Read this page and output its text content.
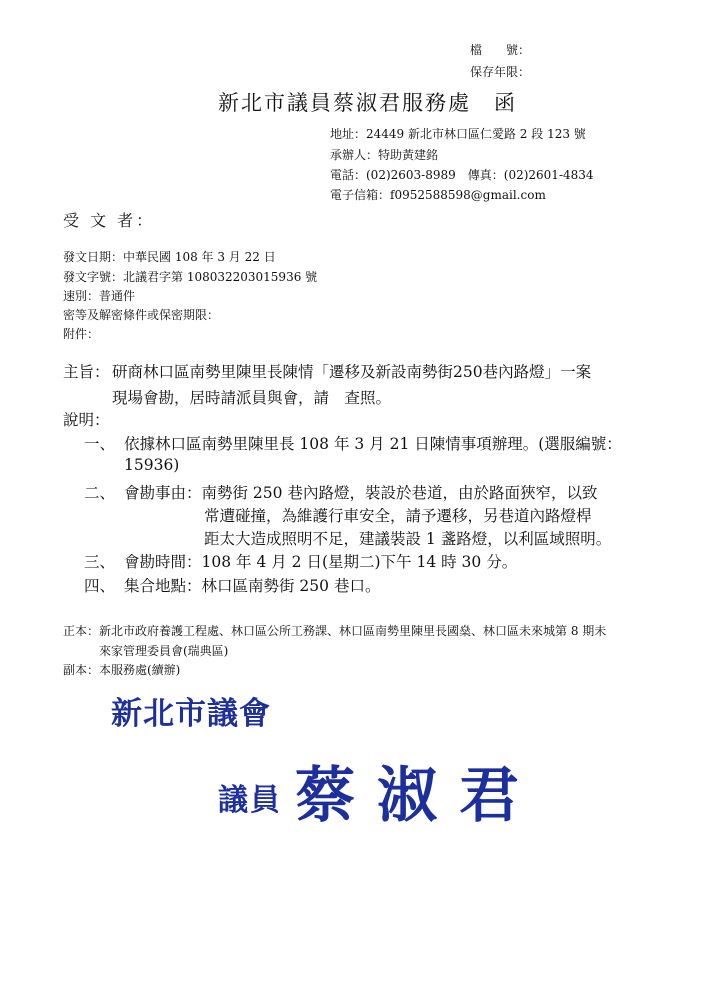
檔　　號：
保存年限：
新北市議員蔡淑君服務處　函
地址：24449 新北市林口區仁愛路 2 段 123 號
承辦人：特助黃建銘
電話：(02)2603-8989　傳真：(02)2601-4834
電子信箱：f0952588598@gmail.com
受 文 者：
發文日期：中華民國 108 年 3 月 22 日
發文字號：北議君字第 108032203015936 號
速別：普通件
密等及解密條件或保密期限：
附件：
主旨： 研商林口區南勢里陳里長陳情「遷移及新設南勢街250巷內路燈」一案
現場會勘，居時請派員與會，請　查照。
說明：
一、 依據林口區南勢里陳里長 108 年 3 月 21 日陳情事項辦理。(選服編號：
15936)
二、 會勘事由：南勢街 250 巷內路燈，裝設於巷道，由於路面狹窄，以致
常遭碰撞，為維護行車安全，請予遷移，另巷道內路燈桿
距太大造成照明不足，建議裝設 1 盞路燈，以利區域照明。
三、 會勘時間：108 年 4 月 2 日(星期二)下午 14 時 30 分。
四、 集合地點：林口區南勢街 250 巷口。
正本：新北市政府養護工程處、林口區公所工務課、林口區南勢里陳里長國燊、林口區未來城第 8 期未
來家管理委員會(瑞典區)
副本：本服務處(續辦)
新北市議會
議員 蔡淑君
